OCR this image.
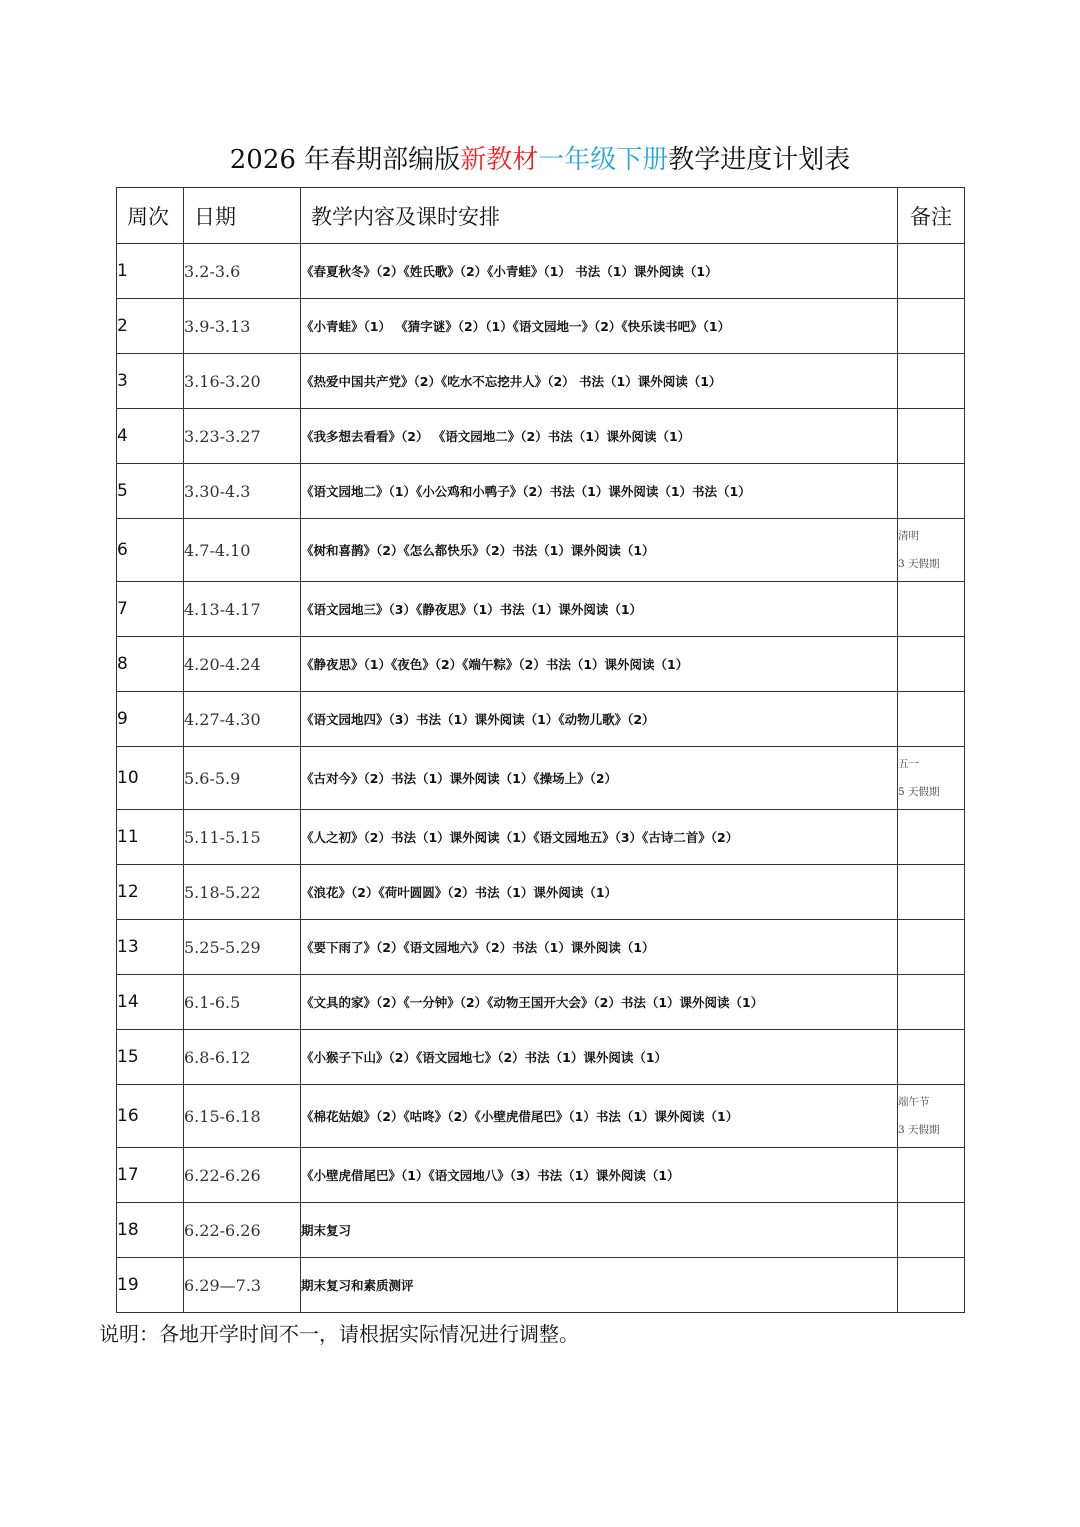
2026 年春期部编版新教材一年级下册教学进度计划表
周次	日期	教学内容及课时安排	备注
1	3.2-3.6	《春夏秋冬》（2）《姓氏歌》（2）《小青蛙》（1） 书法（1）课外阅读（1）	

2	3.9-3.13	《小青蛙》（1） 《猜字谜》（2）（1）《语文园地一》（2）《快乐读书吧》（1）	

3	3.16-3.20	《热爱中国共产党》（2）《吃水不忘挖井人》（2） 书法（1）课外阅读（1）	

4	3.23-3.27	《我多想去看看》（2） 《语文园地二》（2）书法（1）课外阅读（1）	

5	3.30-4.3	《语文园地二》（1）《小公鸡和小鸭子》（2）书法（1）课外阅读（1）书法（1）	

6	4.7-4.10	《树和喜鹊》（2）《怎么都快乐》（2）书法（1）课外阅读（1）	清明
3 天假期

7	4.13-4.17	《语文园地三》（3）《静夜思》（1）书法（1）课外阅读（1）	

8	4.20-4.24	《静夜思》（1）《夜色》（2）《端午粽》（2）书法（1）课外阅读（1）	

9	4.27-4.30	《语文园地四》（3）书法（1）课外阅读（1）《动物儿歌》（2）	

10	5.6-5.9	《古对今》（2）书法（1）课外阅读（1）《操场上》（2）	五一
5 天假期

11	5.11-5.15	《人之初》（2）书法（1）课外阅读（1）《语文园地五》（3）《古诗二首》（2）	

12	5.18-5.22	《浪花》（2）《荷叶圆圆》（2）书法（1）课外阅读（1）	

13	5.25-5.29	《要下雨了》（2）《语文园地六》（2）书法（1）课外阅读（1）	

14	6.1-6.5	《文具的家》（2）《一分钟》（2）《动物王国开大会》（2）书法（1）课外阅读（1）	

15	6.8-6.12	《小猴子下山》（2）《语文园地七》（2）书法（1）课外阅读（1）	

16	6.15-6.18	《棉花姑娘》（2）《咕咚》（2）《小壁虎借尾巴》（1）书法（1）课外阅读（1）	端午节
3 天假期

17	6.22-6.26	《小壁虎借尾巴》（1）《语文园地八》（3）书法（1）课外阅读（1）	

18	6.22-6.26	期末复习	

19	6.29—7.3	期末复习和素质测评	
说明：各地开学时间不一，请根据实际情况进行调整。
